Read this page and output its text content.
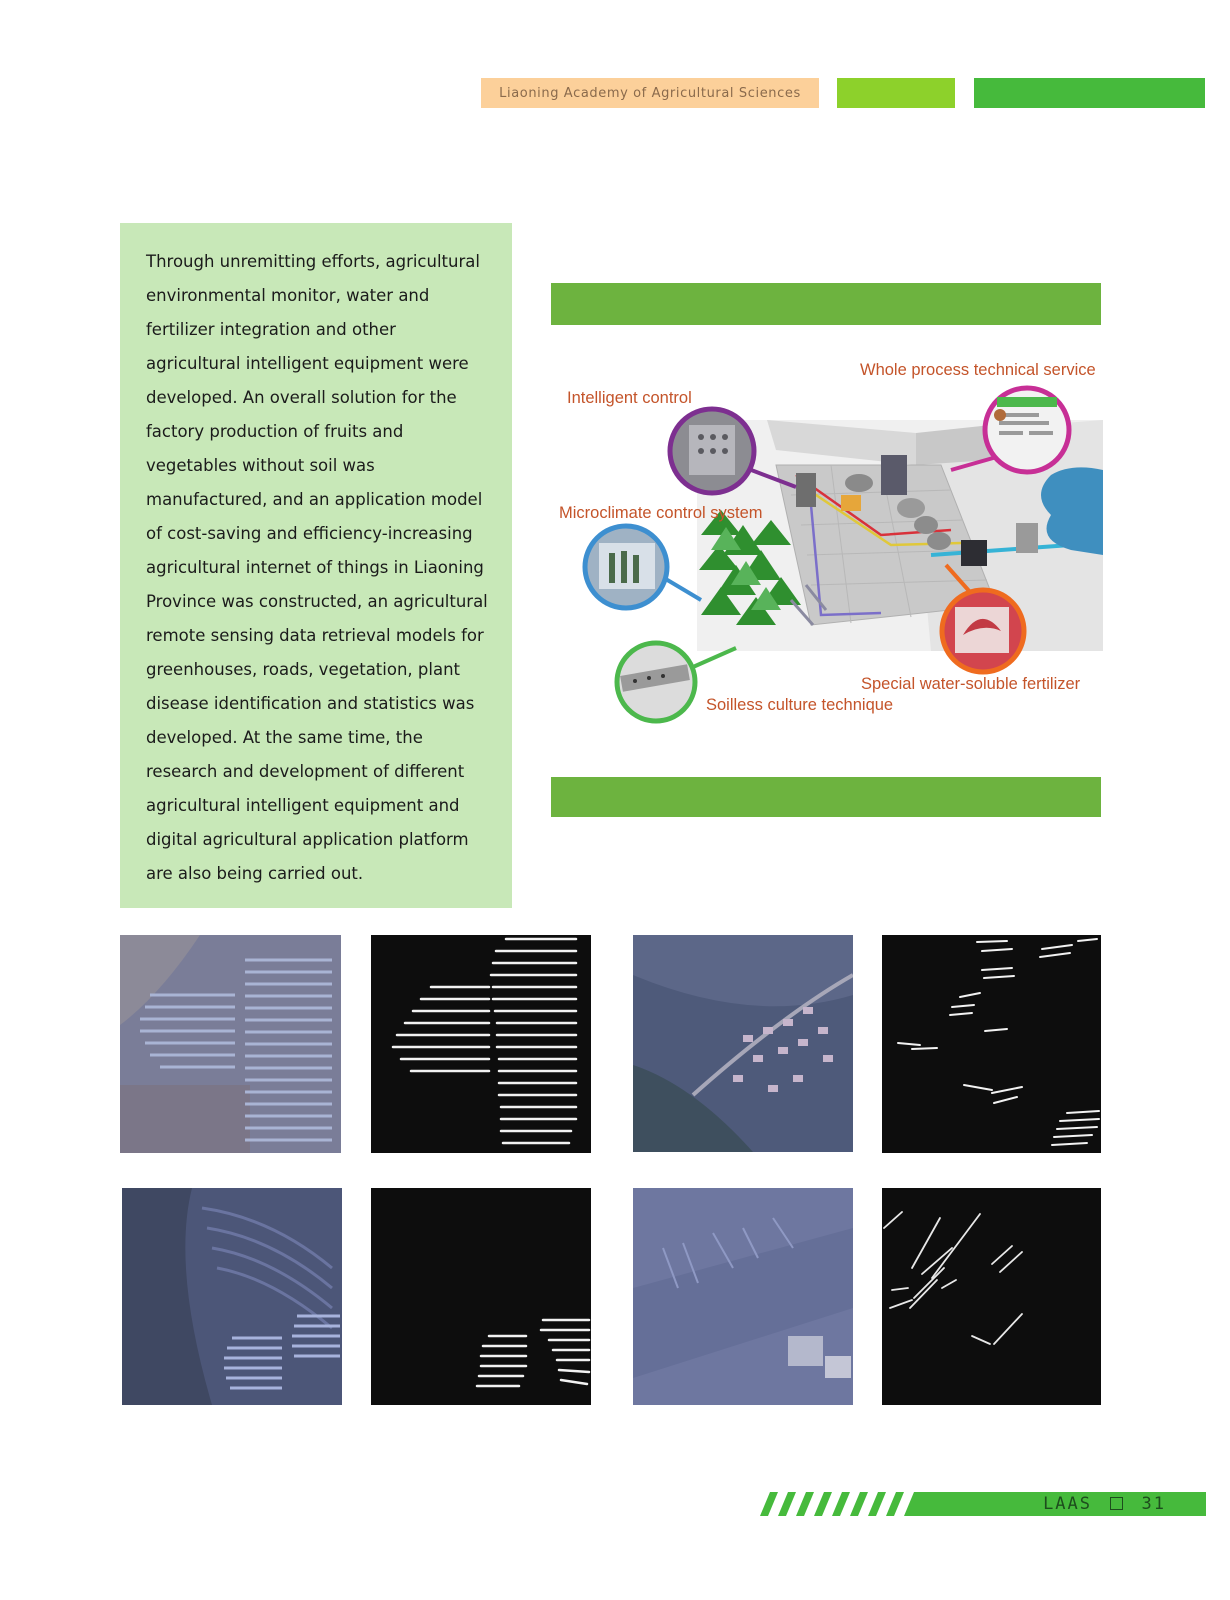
Liaoning Academy of Agricultural Sciences

Through unremitting efforts, agricultural environmental monitor, water and fertilizer integration and other agricultural intelligent equipment were developed. An overall solution for the factory production of fruits and vegetables without soil was manufactured, and an application model of cost-saving and efficiency-increasing agricultural internet of things in Liaoning Province was constructed, an agricultural remote sensing data retrieval models for greenhouses, roads, vegetation, plant disease identification and statistics was developed. At the same time, the research and development of different agricultural intelligent equipment and digital agricultural application platform are also being carried out.

Whole process technical service
Intelligent control
Microclimate control system
Special water-soluble fertilizer
Soilless culture technique
LAAS	31
